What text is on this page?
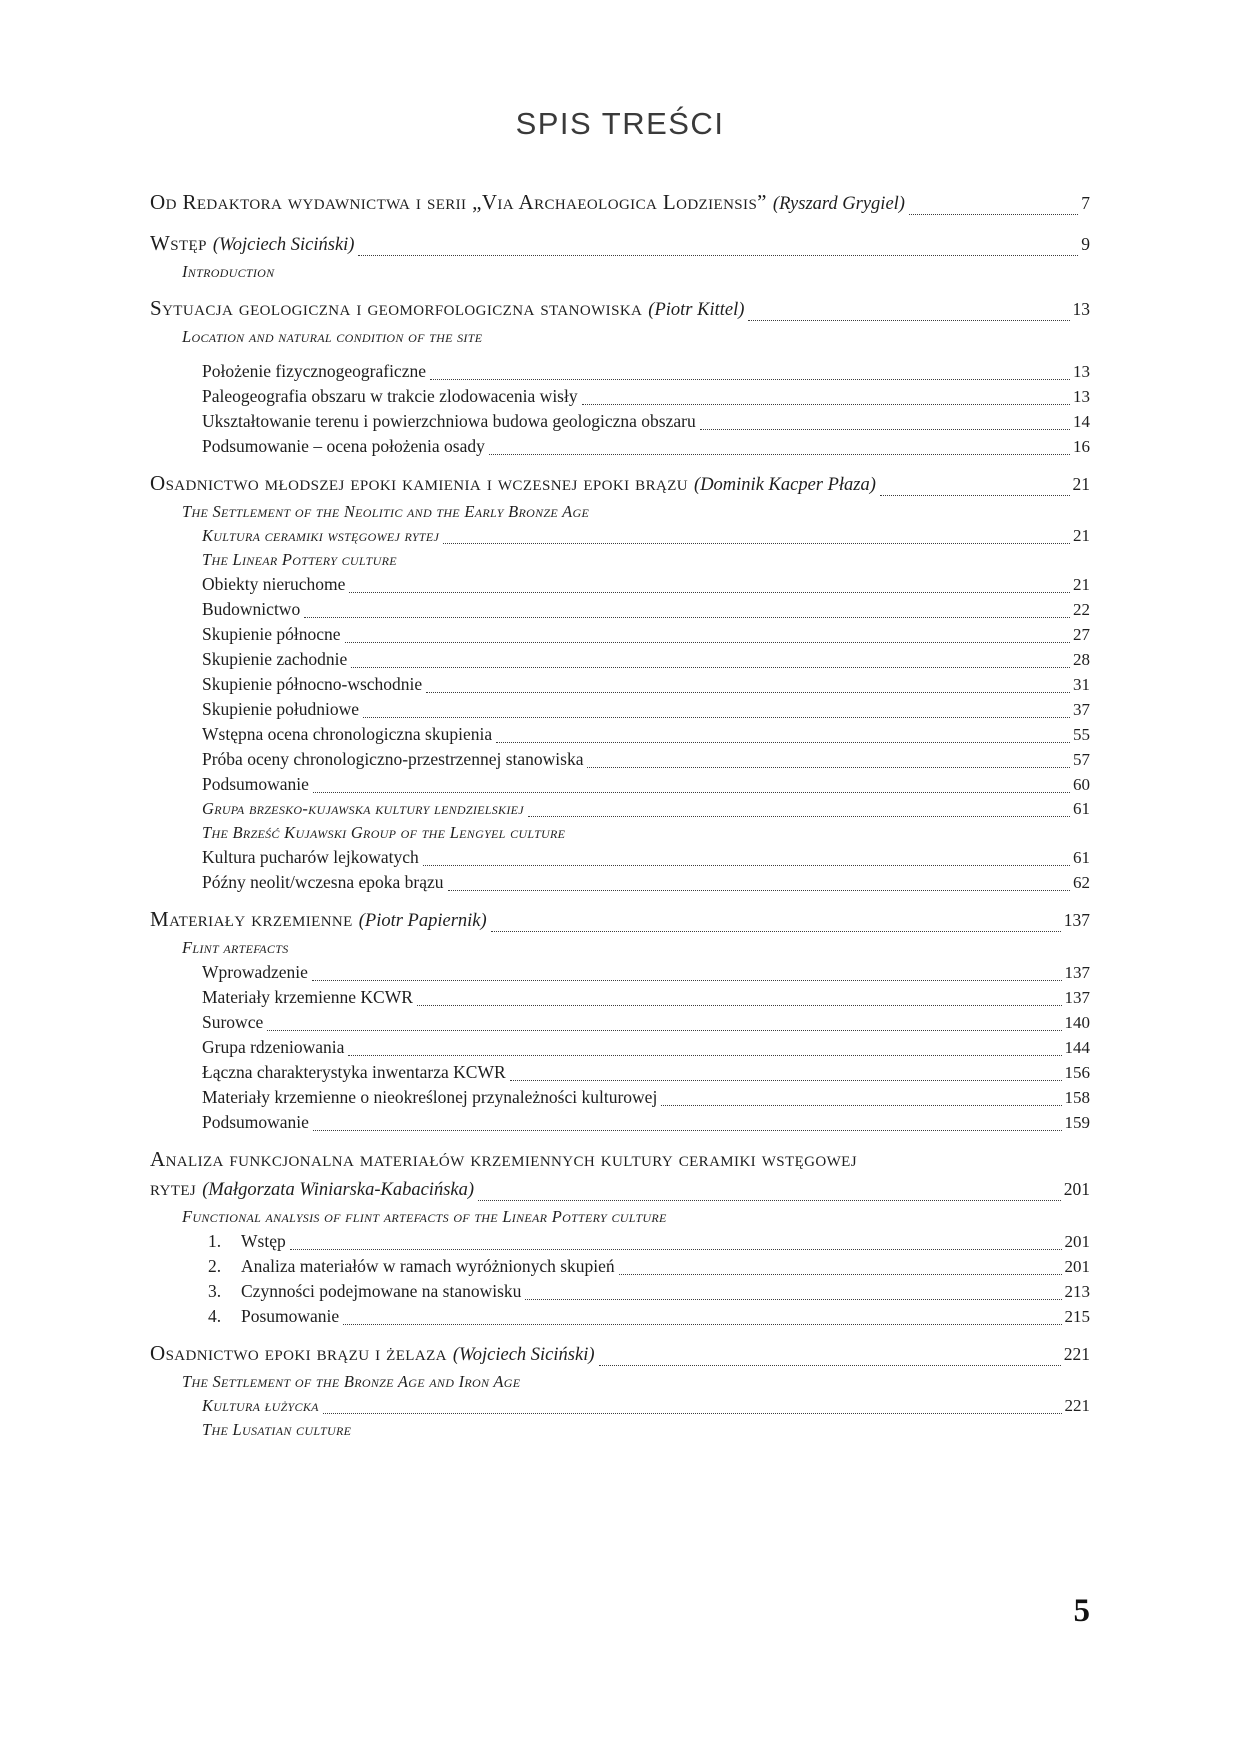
SPIS TREŚCI
Od Redaktora wydawnictwa i serii „Via Archaeologica Lodziensis” (Ryszard Grygiel)	7
Wstęp (Wojciech Siciński)	9
Introduction
Sytuacja geologiczna i geomorfologiczna stanowiska (Piotr Kittel)	13
Location and natural condition of the site
Położenie fizycznogeograficzne	13
Paleogeografia obszaru w trakcie zlodowacenia wisły	13
Ukształtowanie terenu i powierzchniowa budowa geologiczna obszaru	14
Podsumowanie – ocena położenia osady	16
Osadnictwo młodszej epoki kamienia i wczesnej epoki brązu (Dominik Kacper Płaza)	21
The Settlement of the Neolitic and the Early Bronze Age
Kultura ceramiki wstęgowej rytej	21
The Linear Pottery culture
Obiekty nieruchome	21
Budownictwo	22
Skupienie północne	27
Skupienie zachodnie	28
Skupienie północno-wschodnie	31
Skupienie południowe	37
Wstępna ocena chronologiczna skupienia	55
Próba oceny chronologiczno-przestrzennej stanowiska	57
Podsumowanie	60
Grupa brzesko-kujawska kultury lendzielskiej	61
The Brześć Kujawski Group of the Lengyel culture
Kultura pucharów lejkowatych	61
Późny neolit/wczesna epoka brązu	62
Materiały krzemienne (Piotr Papiernik)	137
Flint artefacts
Wprowadzenie	137
Materiały krzemienne KCWR	137
Surowce	140
Grupa rdzeniowania	144
Łączna charakterystyka inwentarza KCWR	156
Materiały krzemienne o nieokreślonej przynależności kulturowej	158
Podsumowanie	159
Analiza funkcjonalna materiałów krzemiennych kultury ceramiki wstęgowej
rytej (Małgorzata Winiarska-Kabacińska)	201
Functional analysis of flint artefacts of the Linear Pottery culture
1.	Wstęp	201
2.	Analiza materiałów w ramach wyróżnionych skupień	201
3.	Czynności podejmowane na stanowisku	213
4.	Posumowanie	215
Osadnictwo epoki brązu i żelaza (Wojciech Siciński)	221
The Settlement of the Bronze Age and Iron Age
Kultura łużycka	221
The Lusatian culture
5
